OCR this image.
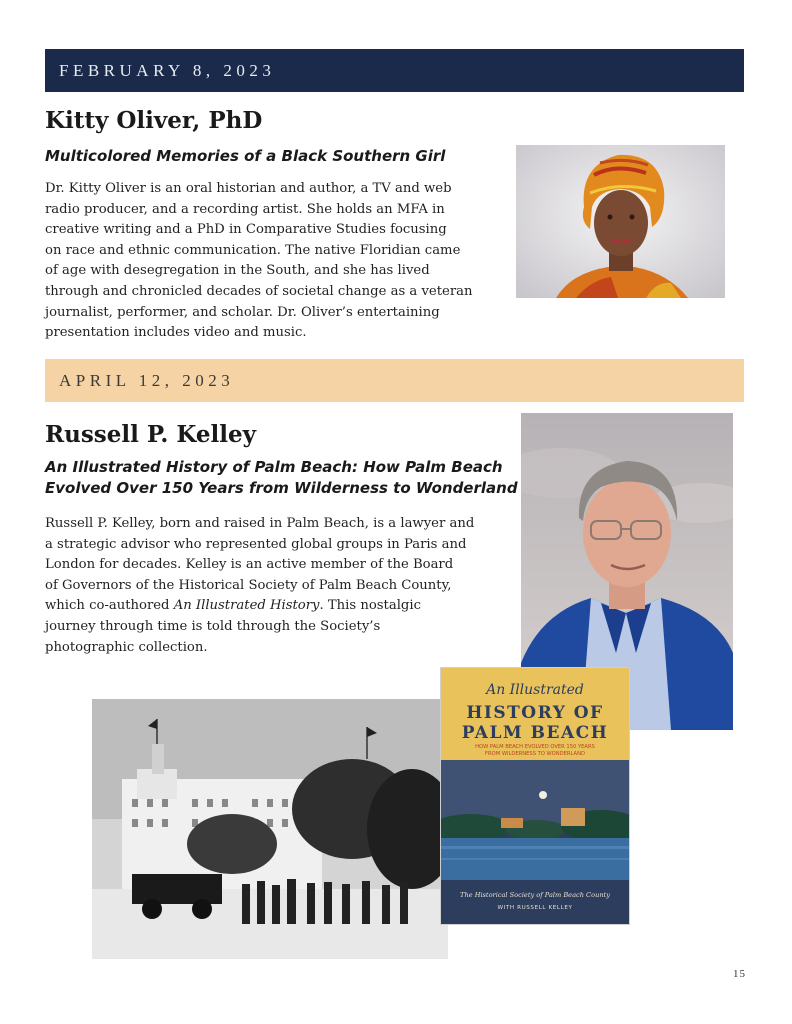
FEBRUARY 8, 2023
Kitty Oliver, PhD
Multicolored Memories of a Black Southern Girl
Dr. Kitty Oliver is an oral historian and author, a TV and web
radio producer, and a recording artist. She holds an MFA in
creative writing and a PhD in Comparative Studies focusing
on race and ethnic communication. The native Floridian came
of age with desegregation in the South, and she has lived
through and chronicled decades of societal change as a veteran
journalist, performer, and scholar. Dr. Oliver’s entertaining
presentation includes video and music.
APRIL 12, 2023
Russell P. Kelley
An Illustrated History of Palm Beach: How Palm Beach
Evolved Over 150 Years from Wilderness to Wonderland
Russell P. Kelley, born and raised in Palm Beach, is a lawyer and
a strategic advisor who represented global groups in Paris and
London for decades. Kelley is an active member of the Board
of Governors of the Historical Society of Palm Beach County,
which co-authored An Illustrated History. This nostalgic
journey through time is told through the Society’s
photographic collection.
An Illustrated
HISTORY OF
PALM BEACH
HOW PALM BEACH EVOLVED OVER 150 YEARS
FROM WILDERNESS TO WONDERLAND
The Historical Society of Palm Beach County
WITH RUSSELL KELLEY
15
